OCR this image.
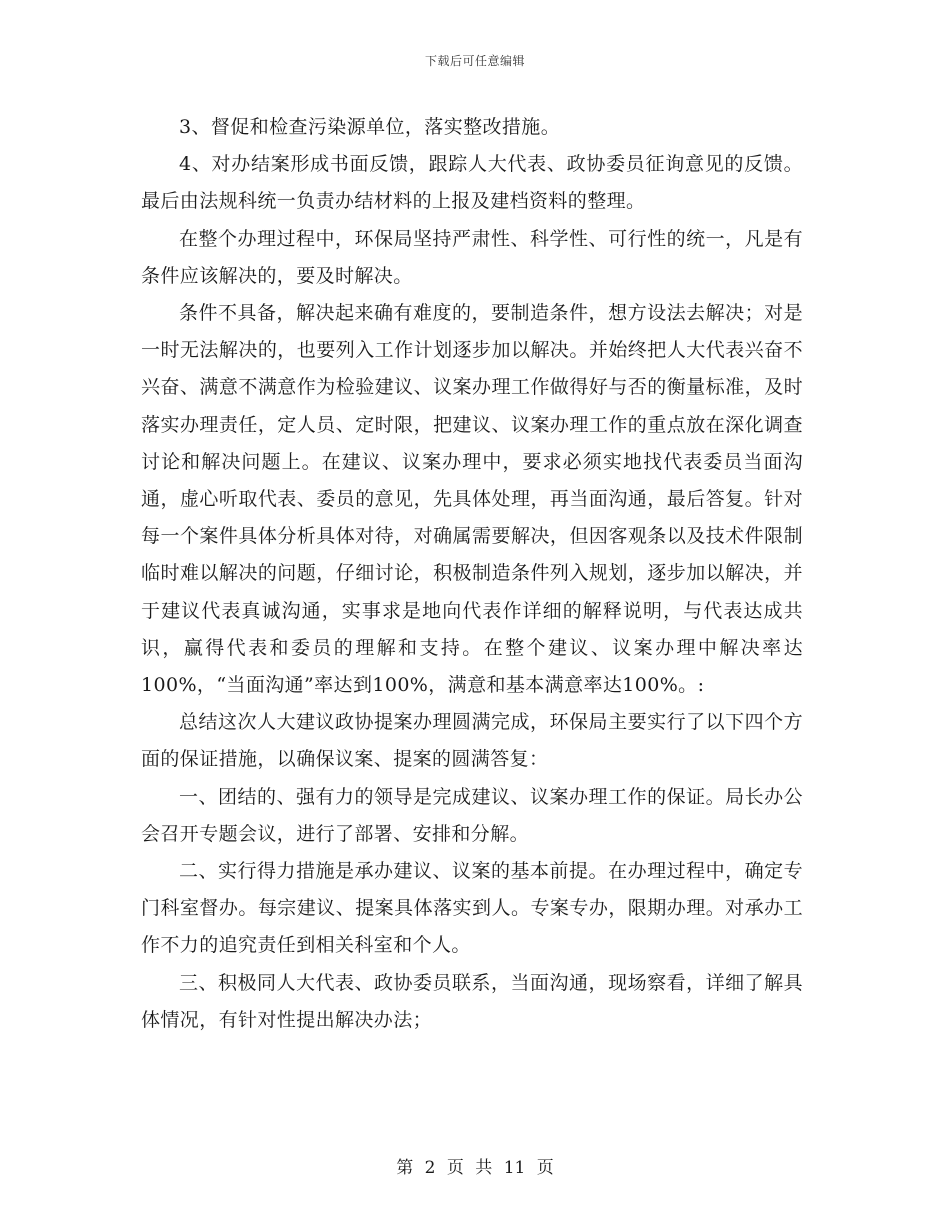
下载后可任意编辑

3、督促和检查污染源单位，落实整改措施。

4、对办结案形成书面反馈，跟踪人大代表、政协委员征询意见的反馈。最后由法规科统一负责办结材料的上报及建档资料的整理。

在整个办理过程中，环保局坚持严肃性、科学性、可行性的统一，凡是有条件应该解决的，要及时解决。

条件不具备，解决起来确有难度的，要制造条件，想方设法去解决；对是一时无法解决的，也要列入工作计划逐步加以解决。并始终把人大代表兴奋不兴奋、满意不满意作为检验建议、议案办理工作做得好与否的衡量标准，及时落实办理责任，定人员、定时限，把建议、议案办理工作的重点放在深化调查讨论和解决问题上。在建议、议案办理中，要求必须实地找代表委员当面沟通，虚心听取代表、委员的意见，先具体处理，再当面沟通，最后答复。针对每一个案件具体分析具体对待，对确属需要解决，但因客观条以及技术件限制临时难以解决的问题，仔细讨论，积极制造条件列入规划，逐步加以解决，并于建议代表真诚沟通，实事求是地向代表作详细的解释说明，与代表达成共识，赢得代表和委员的理解和支持。在整个建议、议案办理中解决率达100%，“当面沟通”率达到100%，满意和基本满意率达100%。:

总结这次人大建议政协提案办理圆满完成，环保局主要实行了以下四个方面的保证措施，以确保议案、提案的圆满答复：

一、团结的、强有力的领导是完成建议、议案办理工作的保证。局长办公会召开专题会议，进行了部署、安排和分解。

二、实行得力措施是承办建议、议案的基本前提。在办理过程中，确定专门科室督办。每宗建议、提案具体落实到人。专案专办，限期办理。对承办工作不力的追究责任到相关科室和个人。

三、积极同人大代表、政协委员联系，当面沟通，现场察看，详细了解具体情况，有针对性提出解决办法；

第 2 页 共 11 页
